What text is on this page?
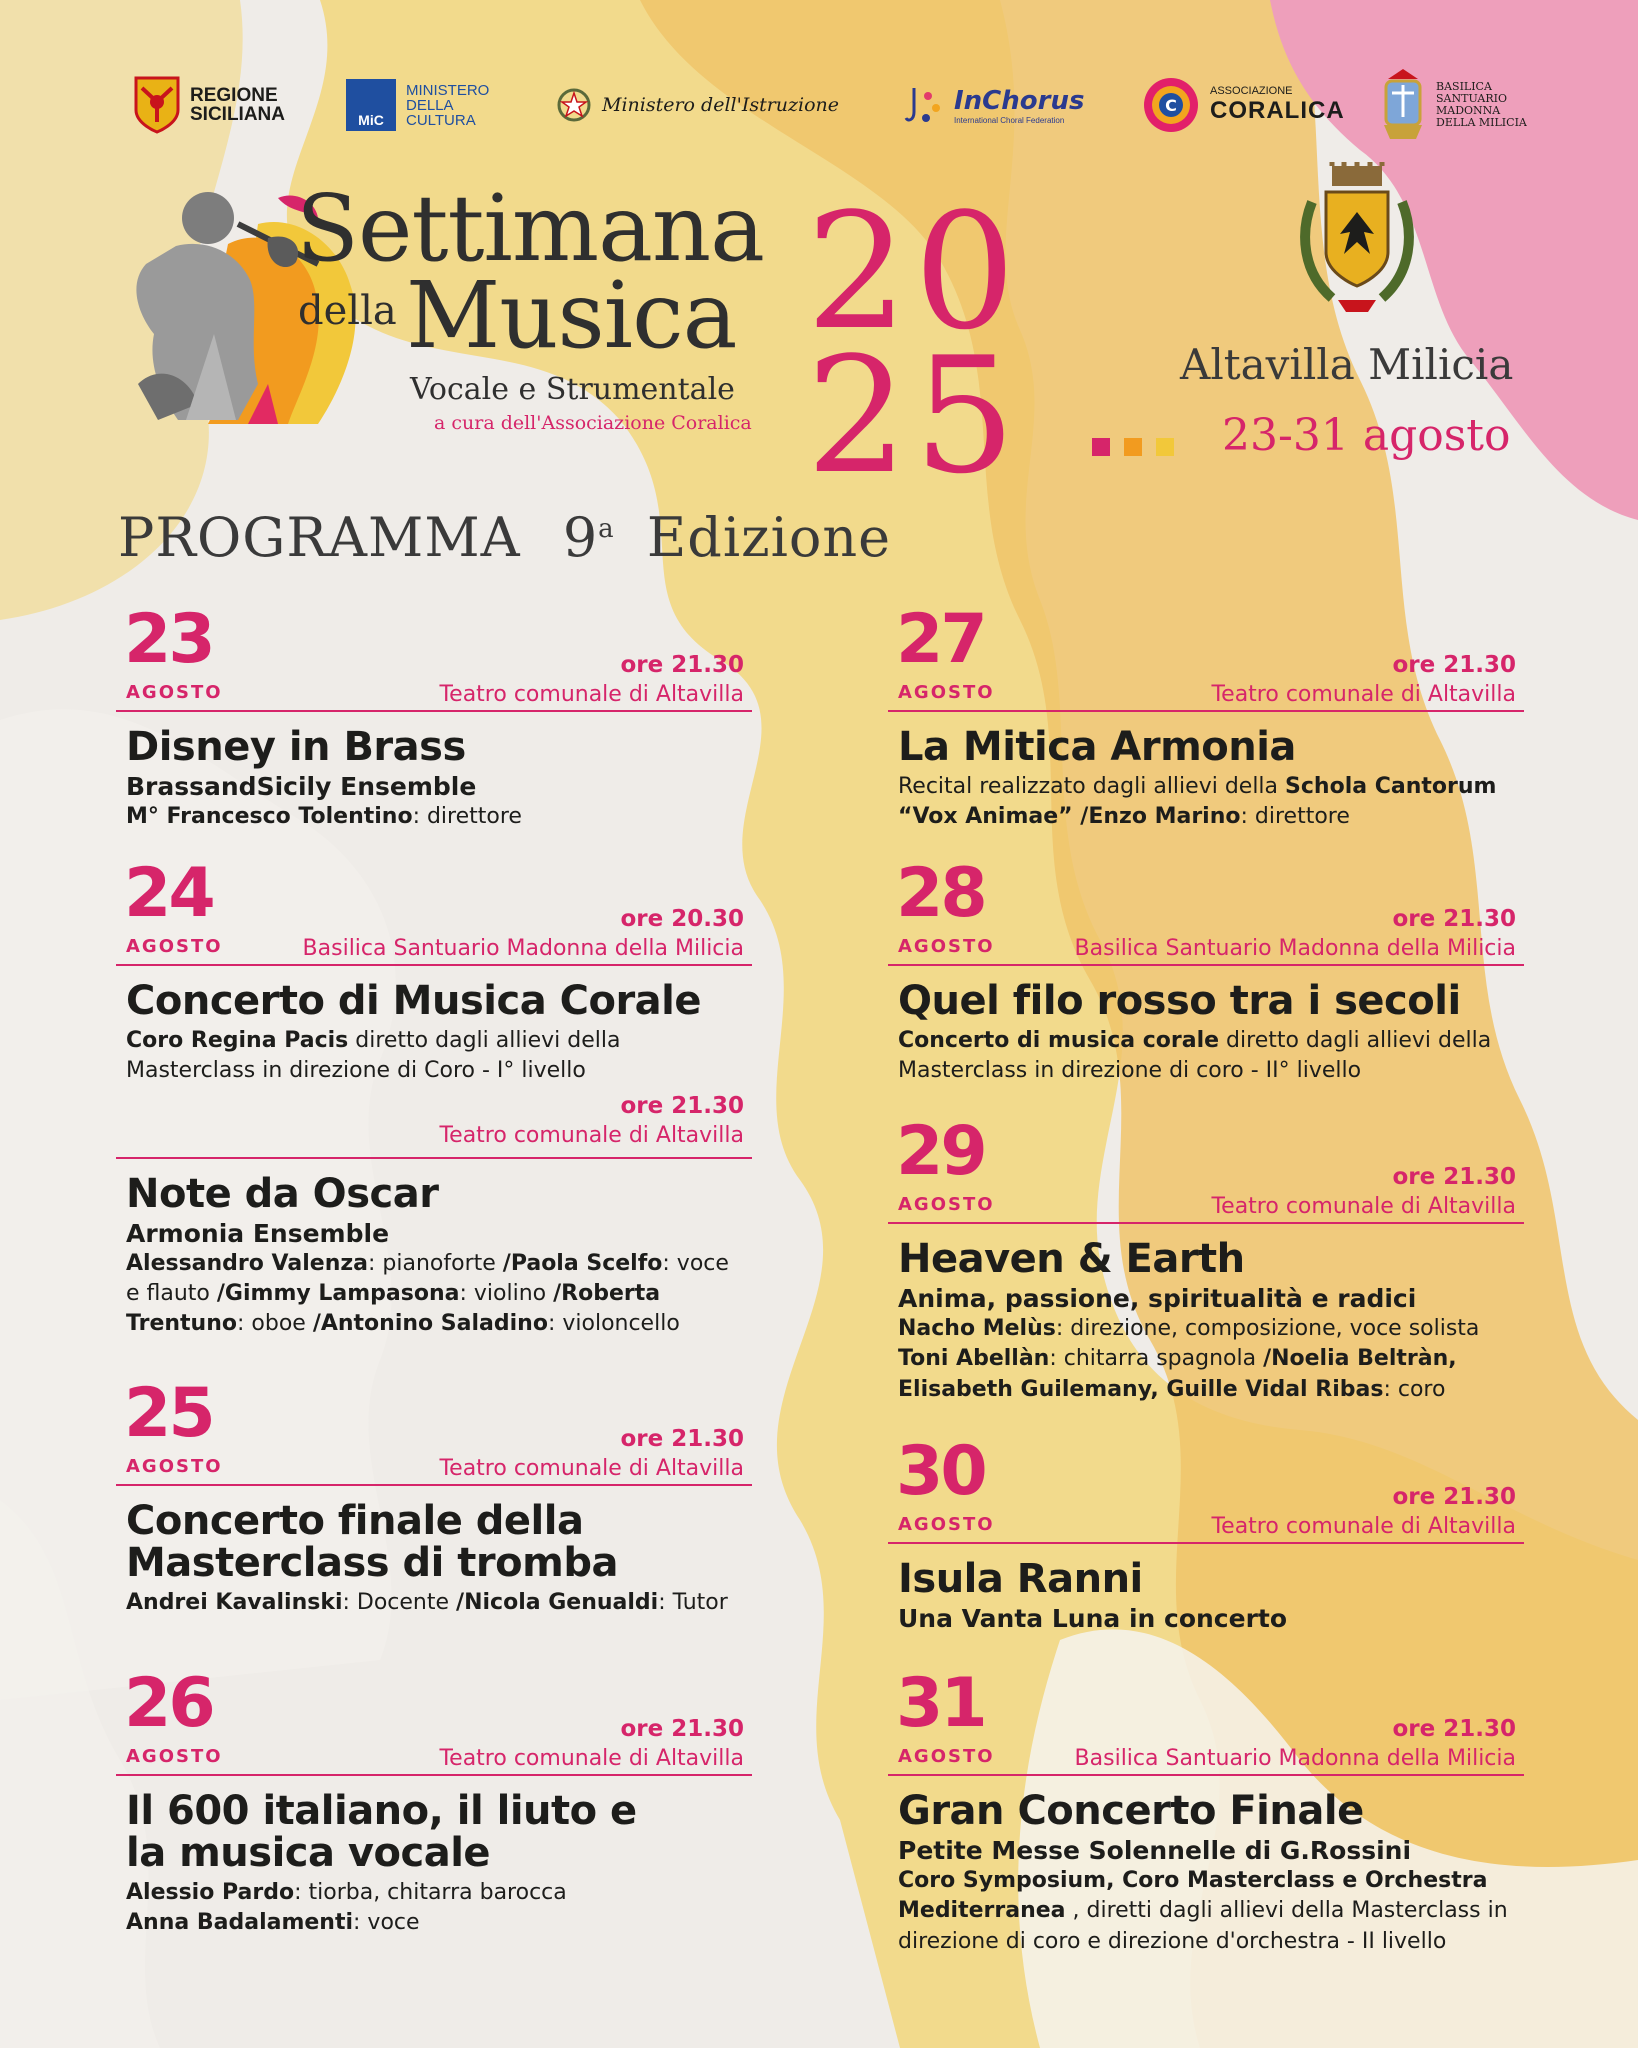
REGIONE
SICILIANA	MiC
MINISTERO
DELLA
CULTURA
Ministero dell'Istruzione	InChorus
International Choral Federation
C
ASSOCIAZIONE
CORALICA
BASILICA
SANTUARIO
MADONNA
DELLA MILICIA
Settimana
della Musica
Vocale e Strumentale
a cura dell'Associazione Coralica
20
25	Altavilla Milicia
23-31 agosto
PROGRAMMA 9$^a$ Edizione
23
AGOSTO
ore 21.30
Teatro comunale di Altavilla
Disney in Brass
BrassandSicily Ensemble
M° Francesco Tolentino: direttore
24
AGOSTO
ore 20.30
Basilica Santuario Madonna della Milicia
Concerto di Musica Corale
Coro Regina Pacis diretto dagli allievi della
Masterclass in direzione di Coro - I° livello
ore 21.30
Teatro comunale di Altavilla
Note da Oscar
Armonia Ensemble
Alessandro Valenza: pianoforte /Paola Scelfo: voce
e flauto /Gimmy Lampasona: violino /Roberta
Trentuno: oboe /Antonino Saladino: violoncello
25
AGOSTO
ore 21.30
Teatro comunale di Altavilla
Concerto finale della
Masterclass di tromba
Andrei Kavalinski: Docente /Nicola Genualdi: Tutor
26
AGOSTO
ore 21.30
Teatro comunale di Altavilla
Il 600 italiano, il liuto e
la musica vocale
Alessio Pardo: tiorba, chitarra barocca
Anna Badalamenti: voce
27
AGOSTO
ore 21.30
Teatro comunale di Altavilla
La Mitica Armonia
Recital realizzato dagli allievi della Schola Cantorum
“Vox Animae” /Enzo Marino: direttore
28
AGOSTO
ore 21.30
Basilica Santuario Madonna della Milicia
Quel filo rosso tra i secoli
Concerto di musica corale diretto dagli allievi della
Masterclass in direzione di coro - II° livello
29
AGOSTO
ore 21.30
Teatro comunale di Altavilla
Heaven & Earth
Anima, passione, spiritualità e radici
Nacho Melùs: direzione, composizione, voce solista
Toni Abellàn: chitarra spagnola /Noelia Beltràn,
Elisabeth Guilemany, Guille Vidal Ribas: coro
30
AGOSTO
ore 21.30
Teatro comunale di Altavilla
Isula Ranni
Una Vanta Luna in concerto
31
AGOSTO
ore 21.30
Basilica Santuario Madonna della Milicia
Gran Concerto Finale
Petite Messe Solennelle di G.Rossini
Coro Symposium, Coro Masterclass e Orchestra
Mediterranea , diretti dagli allievi della Masterclass in
direzione di coro e direzione d'orchestra - II livello
